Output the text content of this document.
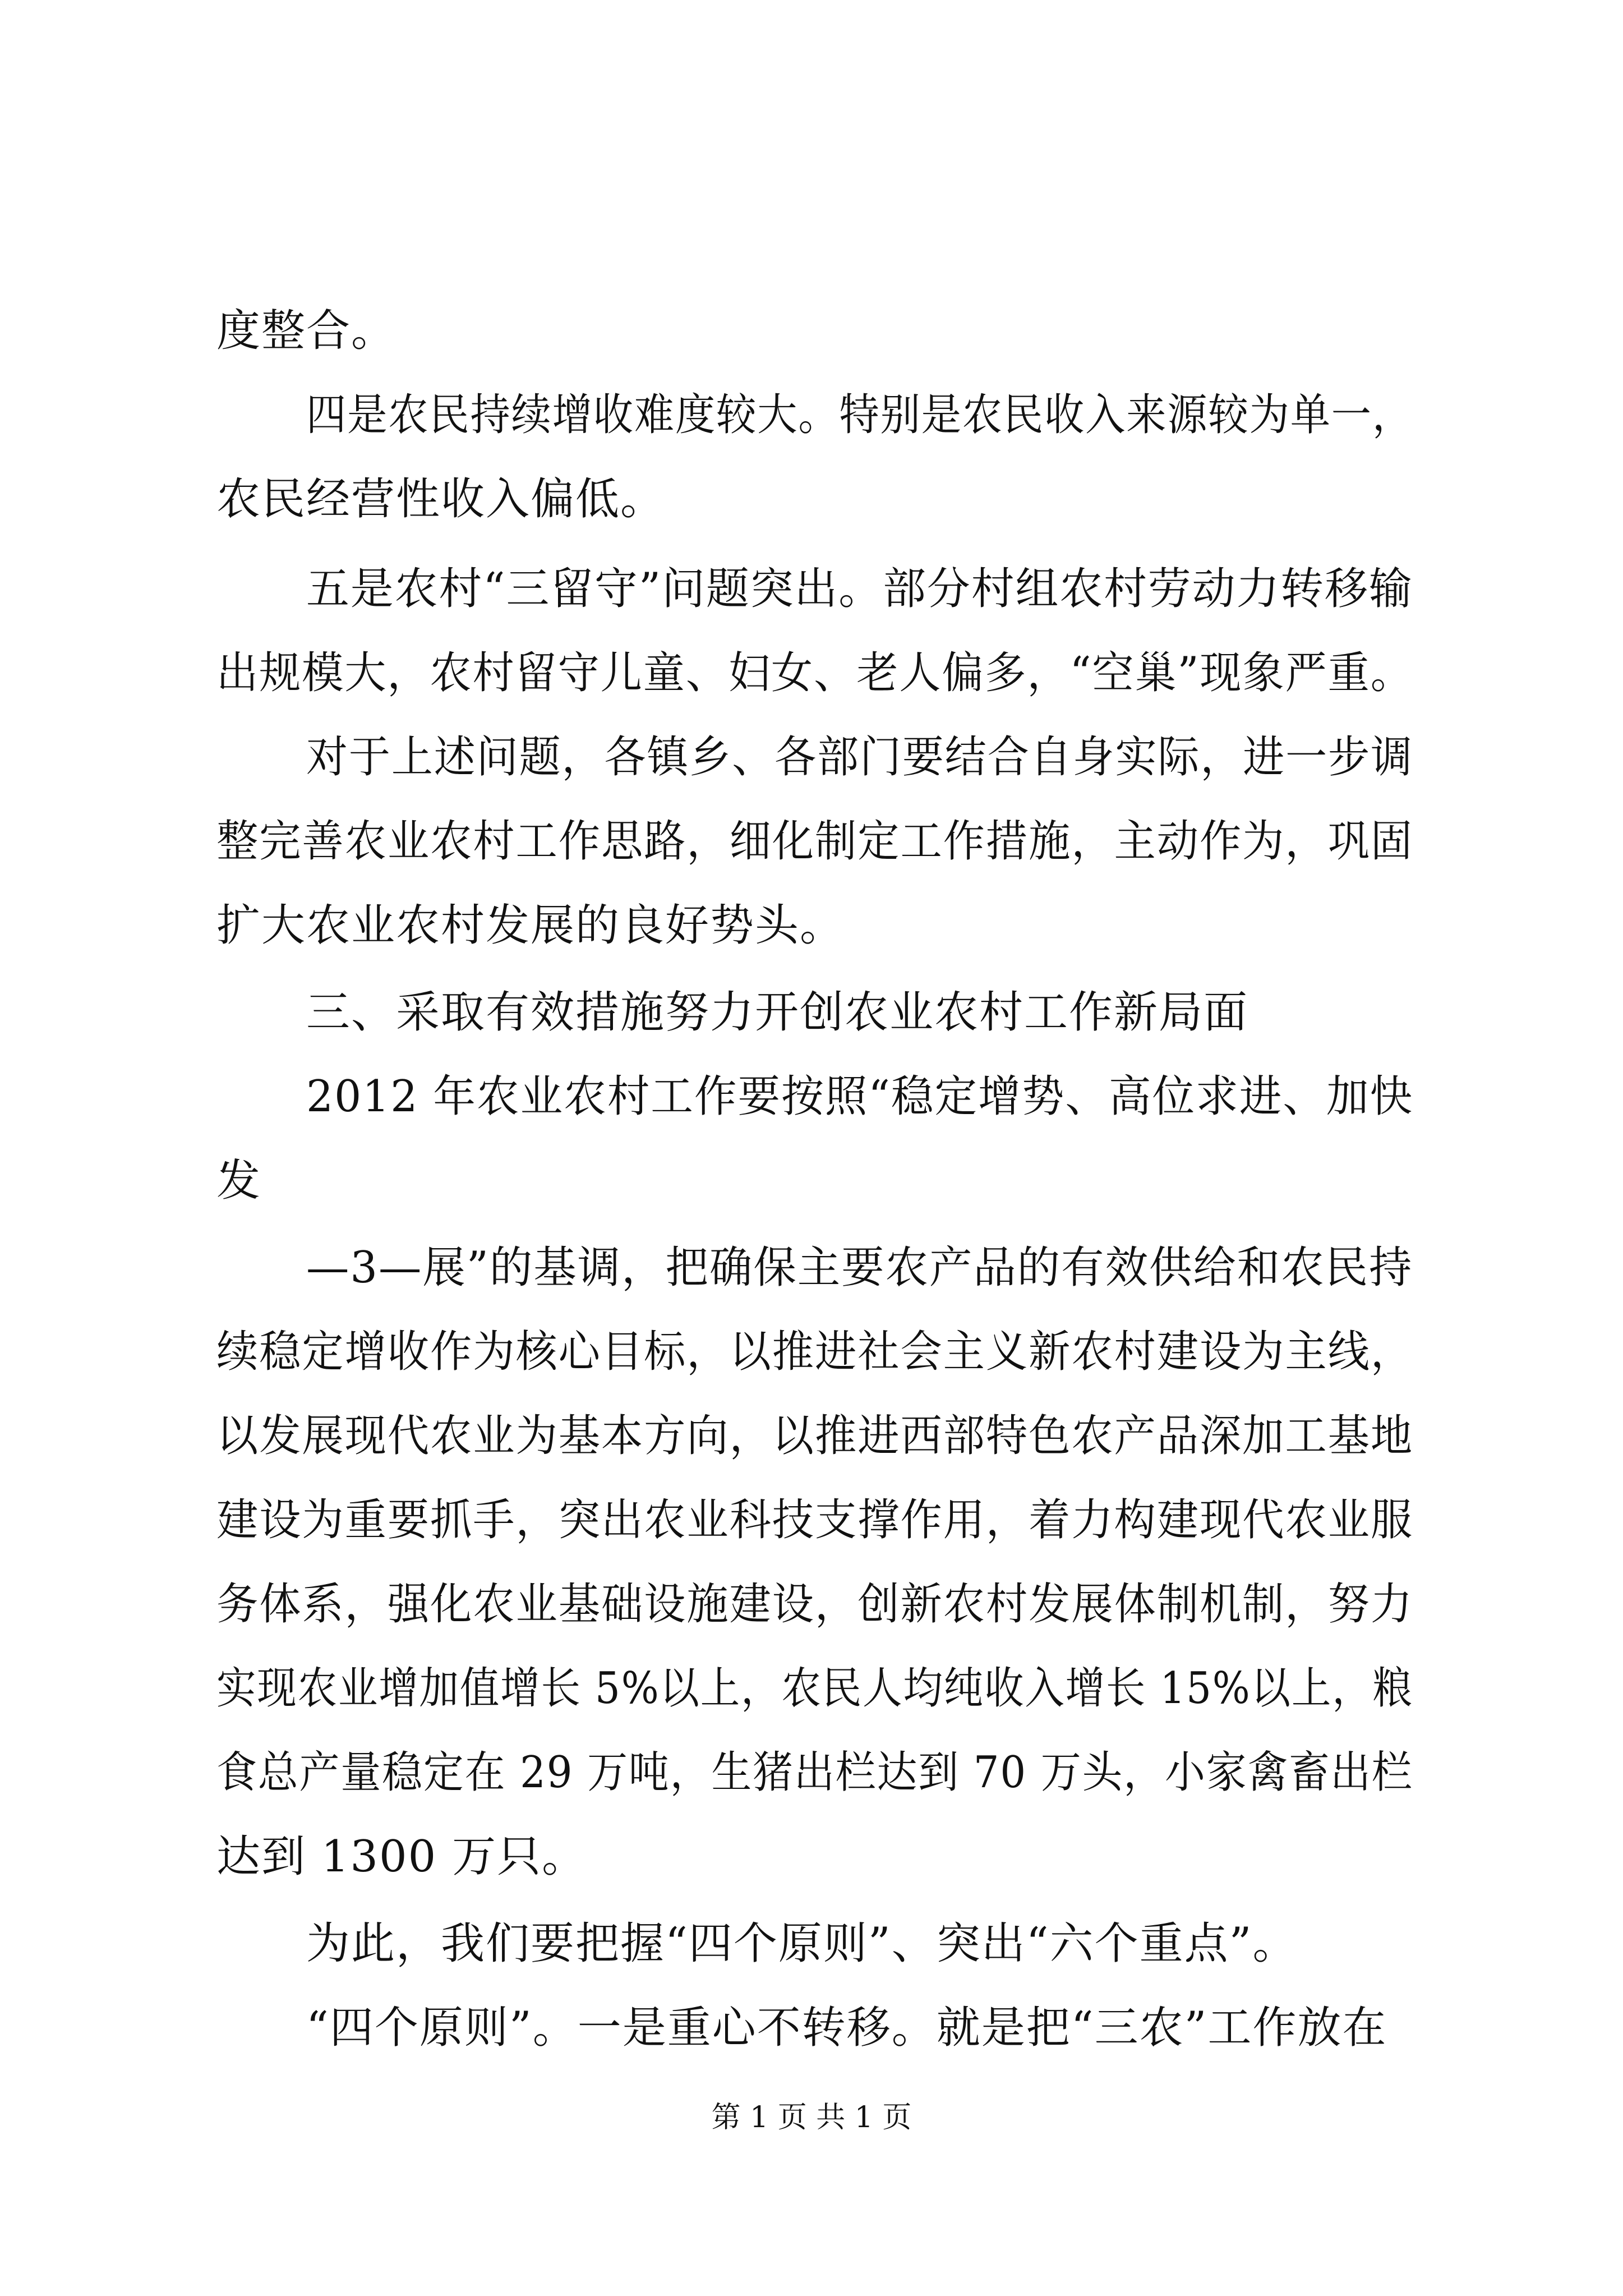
度整合。
四是农民持续增收难度较大。特别是农民收入来源较为单一，
农民经营性收入偏低。
五是农村“三留守”问题突出。部分村组农村劳动力转移输
出规模大，农村留守儿童、妇女、老人偏多，“空巢”现象严重。
对于上述问题，各镇乡、各部门要结合自身实际，进一步调
整完善农业农村工作思路，细化制定工作措施，主动作为，巩固
扩大农业农村发展的良好势头。
三、采取有效措施努力开创农业农村工作新局面
2012 年农业农村工作要按照“稳定增势、高位求进、加快
发
—3—展”的基调，把确保主要农产品的有效供给和农民持
续稳定增收作为核心目标，以推进社会主义新农村建设为主线，
以发展现代农业为基本方向，以推进西部特色农产品深加工基地
建设为重要抓手，突出农业科技支撑作用，着力构建现代农业服
务体系，强化农业基础设施建设，创新农村发展体制机制，努力
实现农业增加值增长 5%以上，农民人均纯收入增长 15%以上，粮
食总产量稳定在 29 万吨，生猪出栏达到 70 万头，小家禽畜出栏
达到 1300 万只。
为此，我们要把握“四个原则”、突出“六个重点”。
“四个原则”。一是重心不转移。就是把“三农”工作放在
第 1 页 共 1 页
